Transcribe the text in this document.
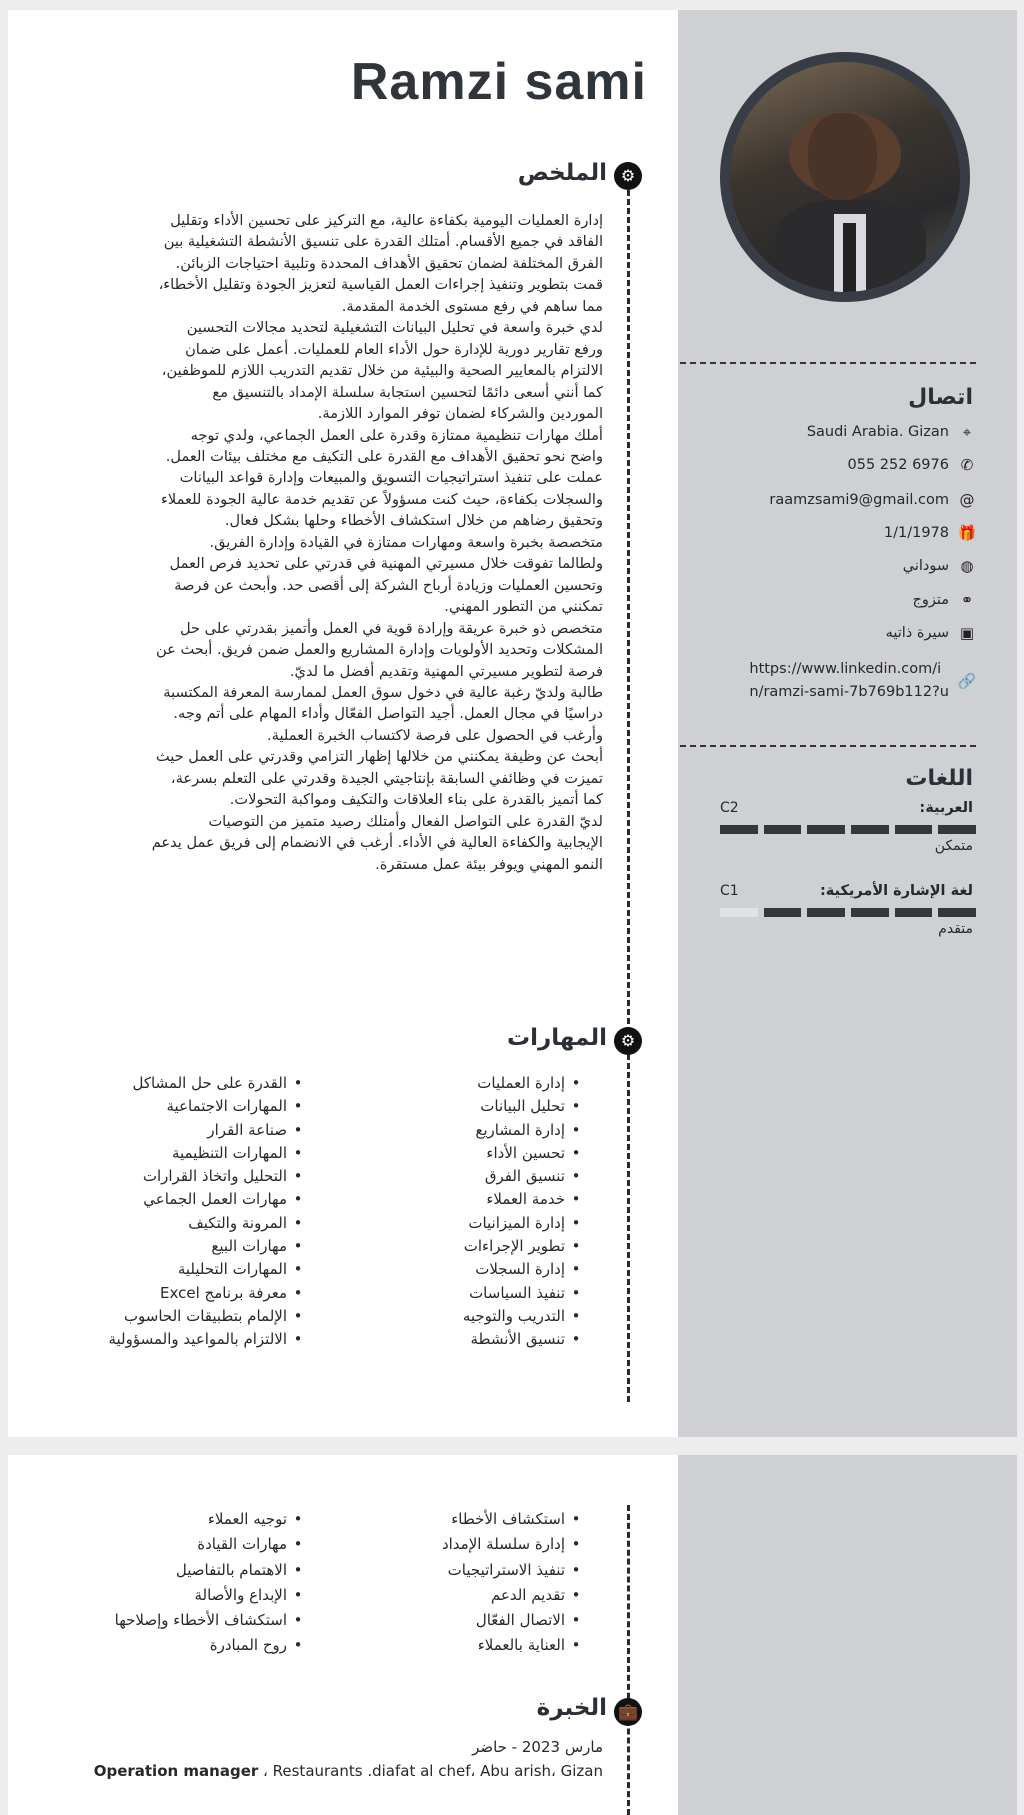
Ramzi sami
⚙
الملخص
إدارة العمليات اليومية بكفاءة عالية، مع التركيز على تحسين الأداء وتقليل
الفاقد في جميع الأقسام. أمتلك القدرة على تنسيق الأنشطة التشغيلية بين
الفرق المختلفة لضمان تحقيق الأهداف المحددة وتلبية احتياجات الزبائن.
قمت بتطوير وتنفيذ إجراءات العمل القياسية لتعزيز الجودة وتقليل الأخطاء،
مما ساهم في رفع مستوى الخدمة المقدمة.
لدي خبرة واسعة في تحليل البيانات التشغيلية لتحديد مجالات التحسين
ورفع تقارير دورية للإدارة حول الأداء العام للعمليات. أعمل على ضمان
الالتزام بالمعايير الصحية والبيئية من خلال تقديم التدريب اللازم للموظفين،
كما أنني أسعى دائمًا لتحسين استجابة سلسلة الإمداد بالتنسيق مع
الموردين والشركاء لضمان توفر الموارد اللازمة.
أملك مهارات تنظيمية ممتازة وقدرة على العمل الجماعي، ولدي توجه
واضح نحو تحقيق الأهداف مع القدرة على التكيف مع مختلف بيئات العمل.
عملت على تنفيذ استراتيجيات التسويق والمبيعات وإدارة قواعد البيانات
والسجلات بكفاءة، حيث كنت مسؤولاً عن تقديم خدمة عالية الجودة للعملاء
وتحقيق رضاهم من خلال استكشاف الأخطاء وحلها بشكل فعال.
متخصصة بخبرة واسعة ومهارات ممتازة في القيادة وإدارة الفريق.
ولطالما تفوقت خلال مسيرتي المهنية في قدرتي على تحديد فرص العمل
وتحسين العمليات وزيادة أرباح الشركة إلى أقصى حد. وأبحث عن فرصة
تمكنني من التطور المهني.
متخصص ذو خبرة عريقة وإرادة قوية في العمل وأتميز بقدرتي على حل
المشكلات وتحديد الأولويات وإدارة المشاريع والعمل ضمن فريق. أبحث عن
فرصة لتطوير مسيرتي المهنية وتقديم أفضل ما لديّ.
طالبة ولديّ رغبة عالية في دخول سوق العمل لممارسة المعرفة المكتسبة
دراسيًا في مجال العمل. أجيد التواصل الفعّال وأداء المهام على أتم وجه.
وأرغب في الحصول على فرصة لاكتساب الخبرة العملية.
أبحث عن وظيفة يمكنني من خلالها إظهار التزامي وقدرتي على العمل حيث
تميزت في وظائفي السابقة بإنتاجيتي الجيدة وقدرتي على التعلم بسرعة،
كما أتميز بالقدرة على بناء العلاقات والتكيف ومواكبة التحولات.
لديّ القدرة على التواصل الفعال وأمتلك رصيد متميز من التوصيات
الإيجابية والكفاءة العالية في الأداء. أرغب في الانضمام إلى فريق عمل يدعم
النمو المهني ويوفر بيئة عمل مستقرة.
⚙
المهارات
• إدارة العمليات
• تحليل البيانات
• إدارة المشاريع
• تحسين الأداء
• تنسيق الفرق
• خدمة العملاء
• إدارة الميزانيات
• تطوير الإجراءات
• إدارة السجلات
• تنفيذ السياسات
• التدريب والتوجيه
• تنسيق الأنشطة
• القدرة على حل المشاكل
• المهارات الاجتماعية
• صناعة القرار
• المهارات التنظيمية
• التحليل واتخاذ القرارات
• مهارات العمل الجماعي
• المرونة والتكيف
• مهارات البيع
• المهارات التحليلية
• معرفة برنامج Excel
• الإلمام بتطبيقات الحاسوب
• الالتزام بالمواعيد والمسؤولية
اتصال
https://www.linkedin.com/i
n/ramzi-sami-7b769b112?u
🔗
اللغات
Saudi Arabia. Gizan ⌖
055 252 6976 ✆
raamzsami9@gmail.com @
1/1/1978 🎁
سوداني ◍
متزوج ⚭
سيرة ذاتيه ▣
العربية:
C2
متمكن
لغة الإشارة الأمريكية:
C1
متقدم
• استكشاف الأخطاء
• إدارة سلسلة الإمداد
• تنفيذ الاستراتيجيات
• تقديم الدعم
• الاتصال الفعّال
• العناية بالعملاء
• توجيه العملاء
• مهارات القيادة
• الاهتمام بالتفاصيل
• الإبداع والأصالة
• استكشاف الأخطاء وإصلاحها
• روح المبادرة
💼
الخبرة
مارس 2023 - حاضر
Operation manager ، Restaurants .diafat al chef، Abu arish، Gizan
